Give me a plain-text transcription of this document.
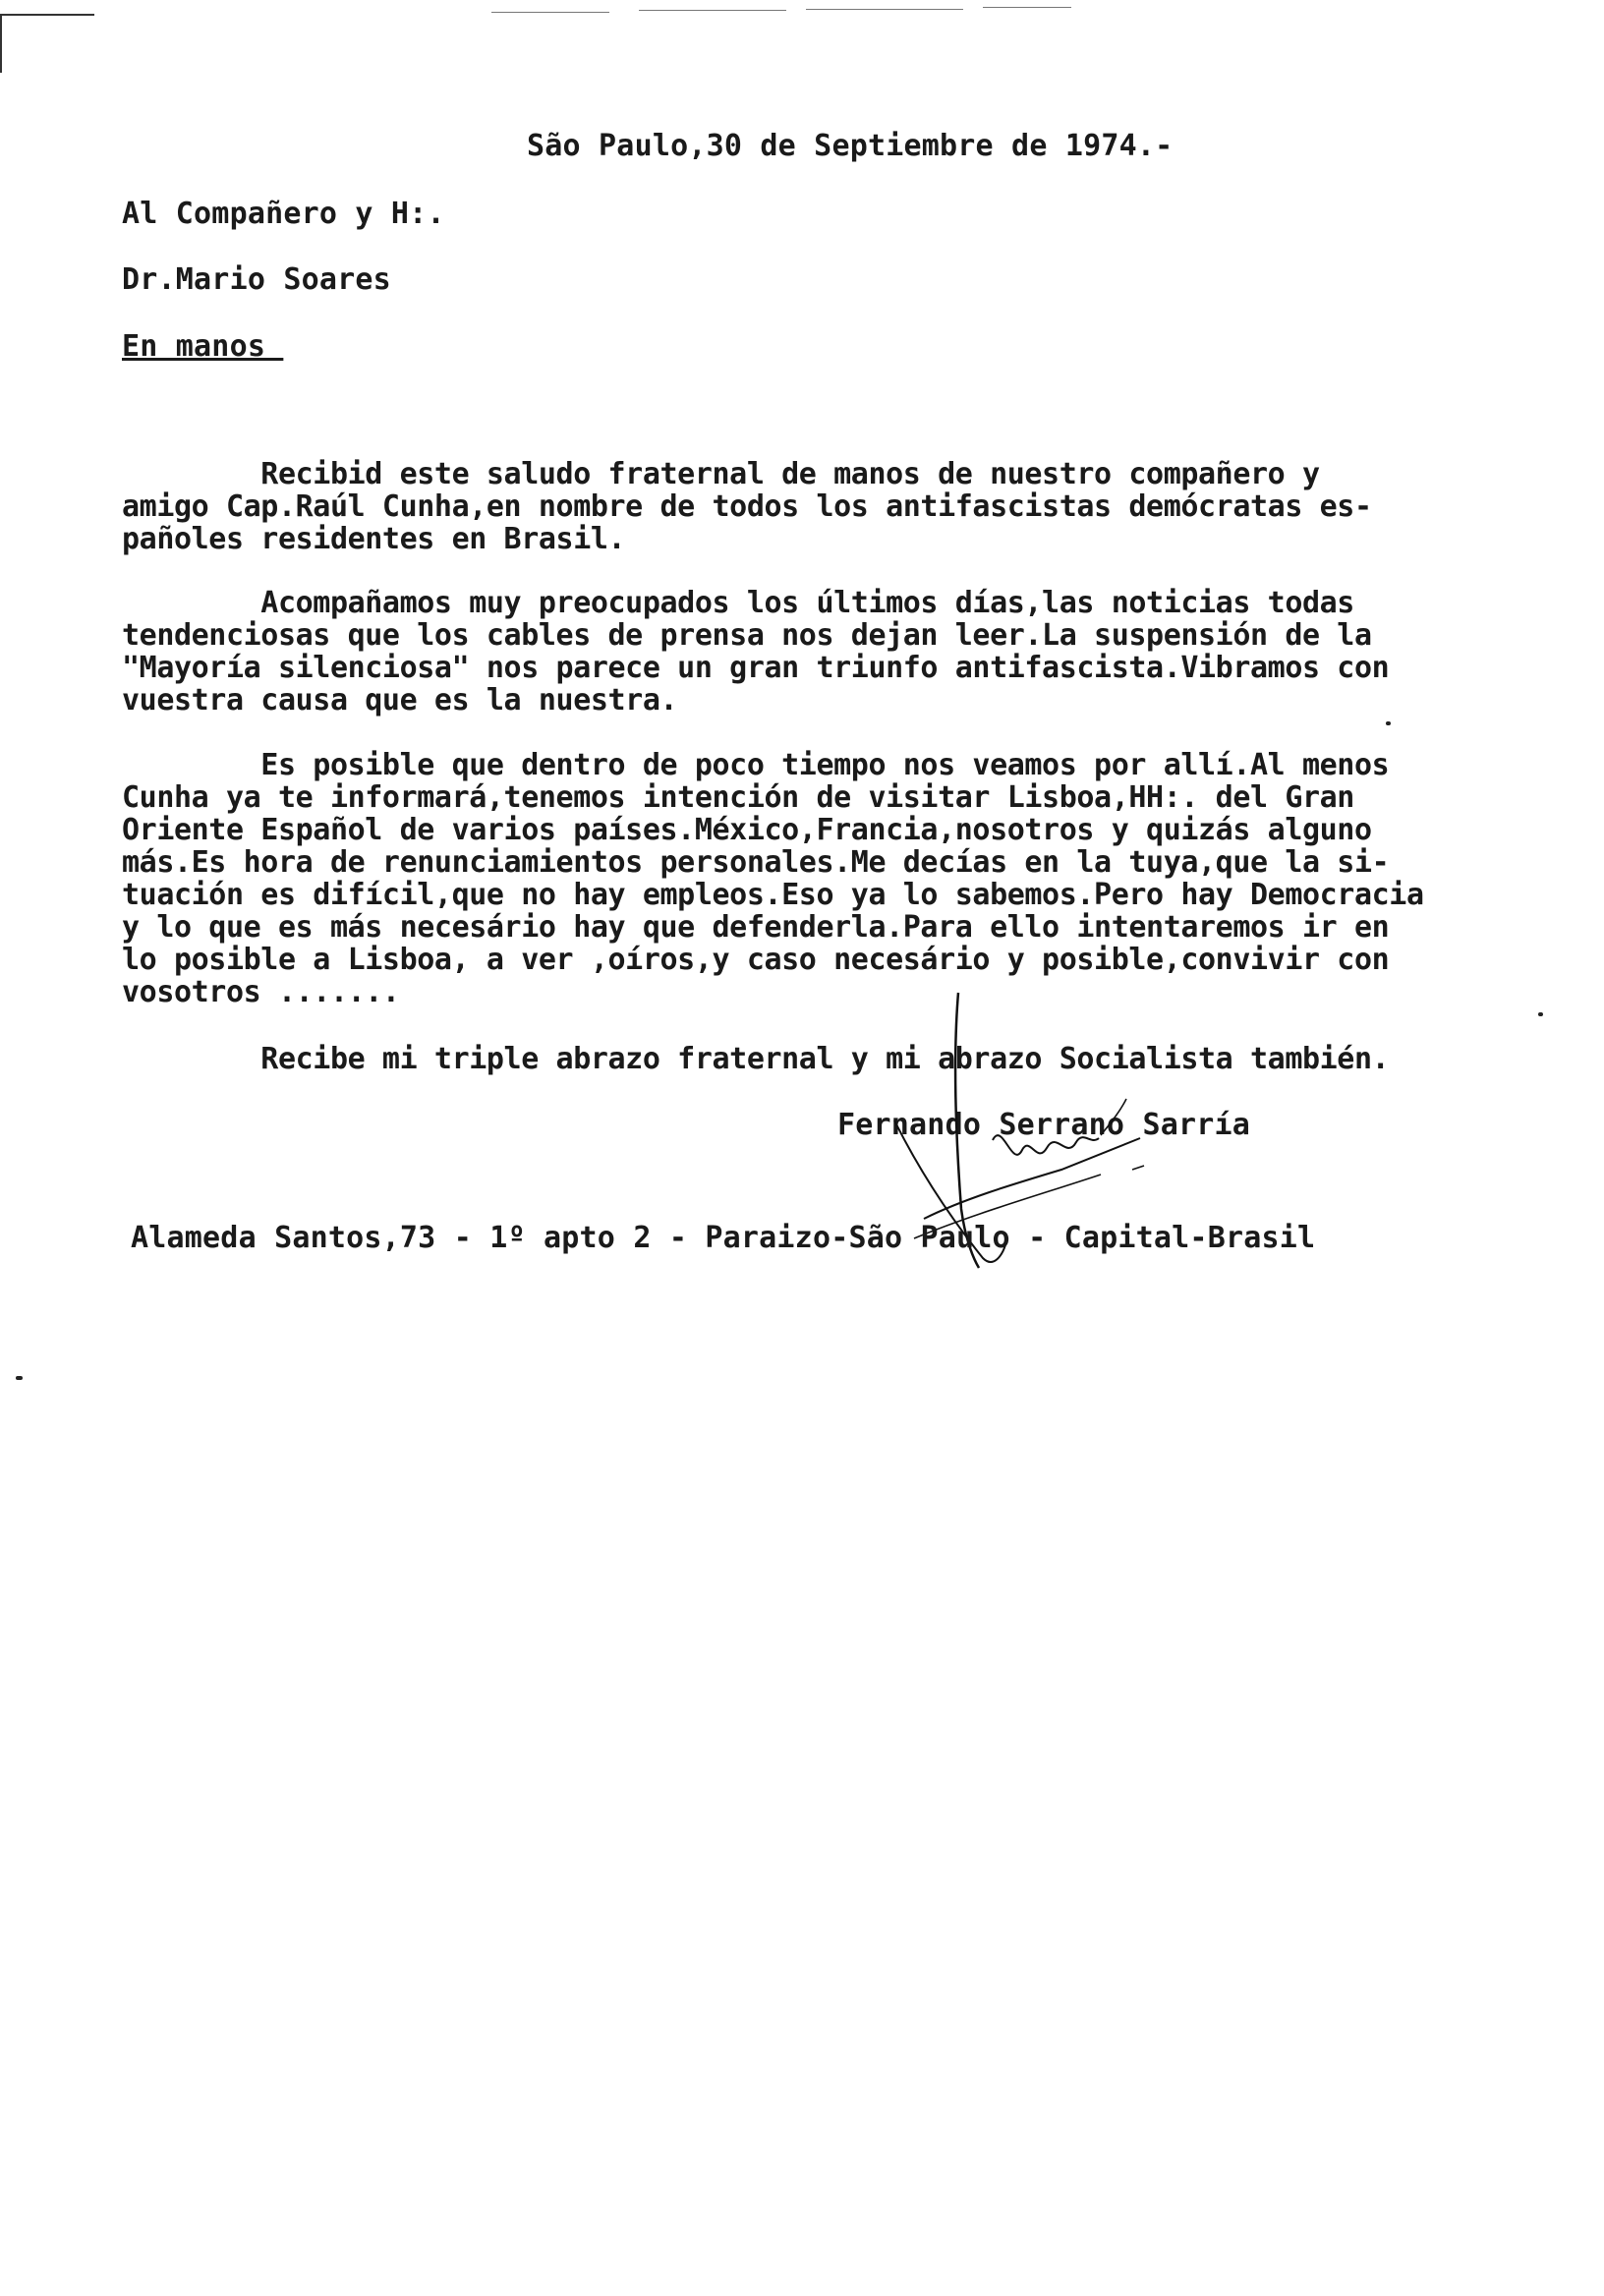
São Paulo,30 de Septiembre de 1974.-
Al Compañero y H:.
Dr.Mario Soares
En manos
Recibid este saludo fraternal de manos de nuestro compañero y
amigo Cap.Raúl Cunha,en nombre de todos los antifascistas demócratas es-
pañoles residentes en Brasil.
Acompañamos muy preocupados los últimos días,las noticias todas
tendenciosas que los cables de prensa nos dejan leer.La suspensión de la
"Mayoría silenciosa" nos parece un gran triunfo antifascista.Vibramos con
vuestra causa que es la nuestra.
Es posible que dentro de poco tiempo nos veamos por allí.Al menos
Cunha ya te informará,tenemos intención de visitar Lisboa,HH:. del Gran
Oriente Español de varios países.México,Francia,nosotros y quizás alguno
más.Es hora de renunciamientos personales.Me decías en la tuya,que la si-
tuación es difícil,que no hay empleos.Eso ya lo sabemos.Pero hay Democracia
y lo que es más necesário hay que defenderla.Para ello intentaremos ir en
lo posible a Lisboa, a ver ,oíros,y caso necesário y posible,convivir con
vosotros .......
Recibe mi triple abrazo fraternal y mi abrazo Socialista también.
Fernando Serrano Sarría
Alameda Santos,73 - 1º apto 2 - Paraizo-São Paulo - Capital-Brasil
